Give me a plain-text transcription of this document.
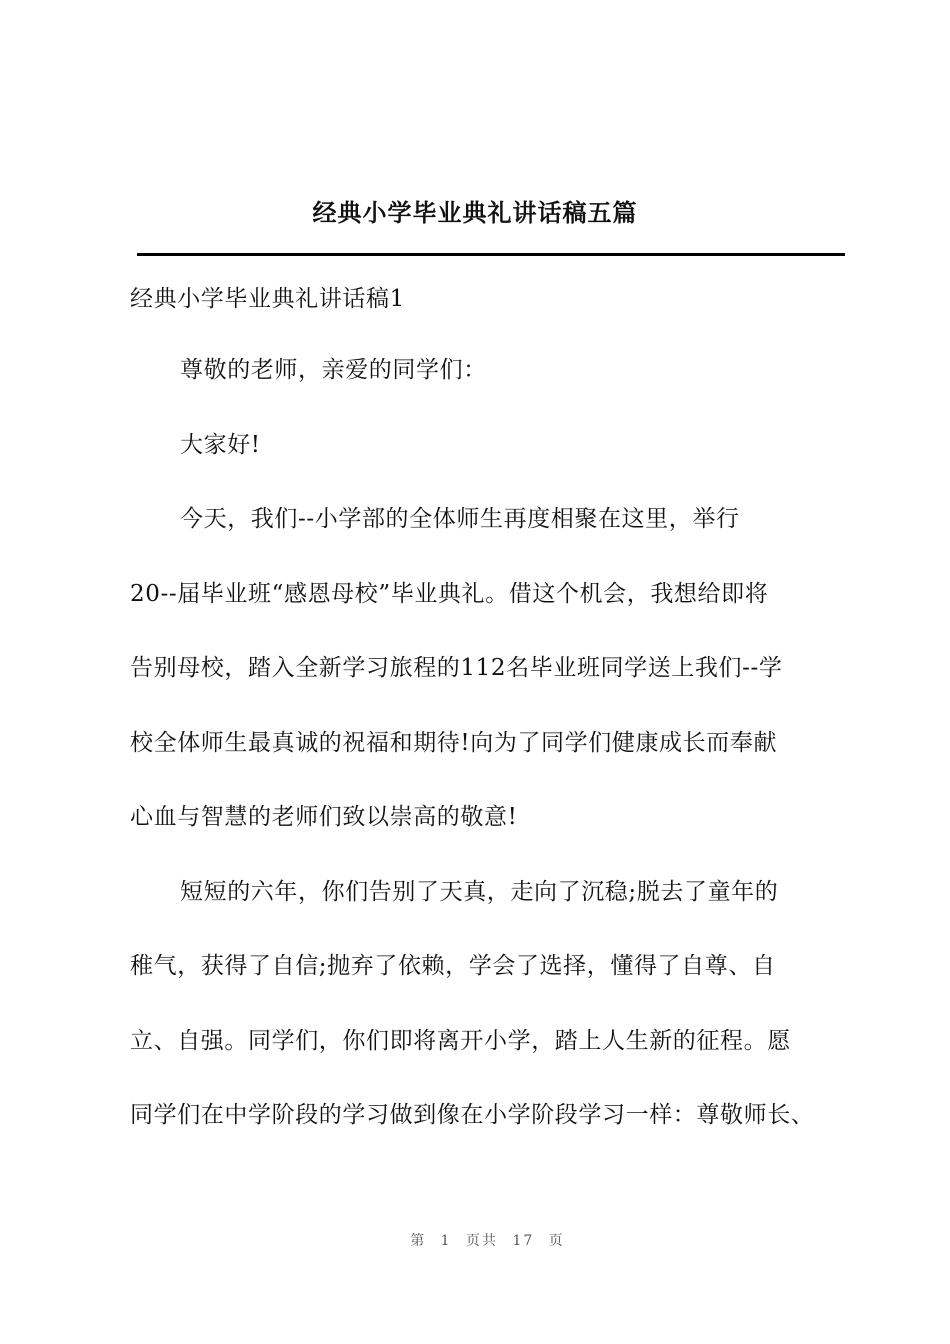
经典小学毕业典礼讲话稿五篇
经典小学毕业典礼讲话稿1
尊敬的老师，亲爱的同学们：
大家好!
今天，我们--小学部的全体师生再度相聚在这里，举行
20--届毕业班“感恩母校”毕业典礼。借这个机会，我想给即将
告别母校，踏入全新学习旅程的112名毕业班同学送上我们--学
校全体师生最真诚的祝福和期待!向为了同学们健康成长而奉献
心血与智慧的老师们致以崇高的敬意!
短短的六年，你们告别了天真，走向了沉稳;脱去了童年的
稚气，获得了自信;抛弃了依赖，学会了选择，懂得了自尊、自
立、自强。同学们，你们即将离开小学，踏上人生新的征程。愿
同学们在中学阶段的学习做到像在小学阶段学习一样：尊敬师长、
第 1 页共 17 页
